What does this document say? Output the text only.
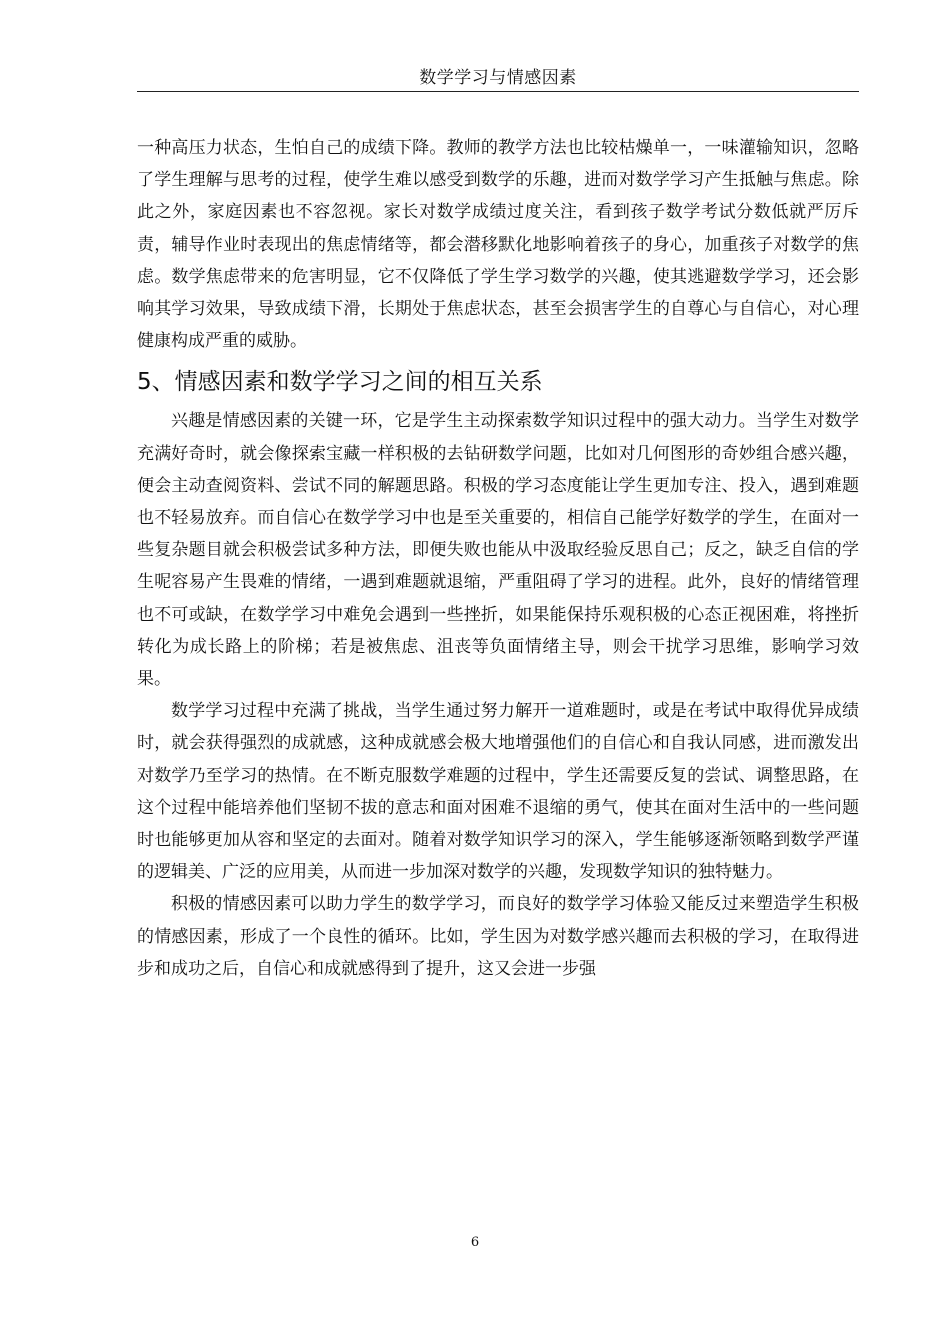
数学学习与情感因素

一种高压力状态，生怕自己的成绩下降。教师的教学方法也比较枯燥单一，一味灌输知识，忽略了学生理解与思考的过程，使学生难以感受到数学的乐趣，进而对数学学习产生抵触与焦虑。除此之外，家庭因素也不容忽视。家长对数学成绩过度关注，看到孩子数学考试分数低就严厉斥责，辅导作业时表现出的焦虑情绪等，都会潜移默化地影响着孩子的身心，加重孩子对数学的焦虑。数学焦虑带来的危害明显，它不仅降低了学生学习数学的兴趣，使其逃避数学学习，还会影响其学习效果，导致成绩下滑，长期处于焦虑状态，甚至会损害学生的自尊心与自信心，对心理健康构成严重的威胁。

5、情感因素和数学学习之间的相互关系

兴趣是情感因素的关键一环，它是学生主动探索数学知识过程中的强大动力。当学生对数学充满好奇时，就会像探索宝藏一样积极的去钻研数学问题，比如对几何图形的奇妙组合感兴趣，便会主动查阅资料、尝试不同的解题思路。积极的学习态度能让学生更加专注、投入，遇到难题也不轻易放弃。而自信心在数学学习中也是至关重要的，相信自己能学好数学的学生，在面对一些复杂题目就会积极尝试多种方法，即便失败也能从中汲取经验反思自己；反之，缺乏自信的学生呢容易产生畏难的情绪，一遇到难题就退缩，严重阻碍了学习的进程。此外，良好的情绪管理也不可或缺，在数学学习中难免会遇到一些挫折，如果能保持乐观积极的心态正视困难，将挫折转化为成长路上的阶梯；若是被焦虑、沮丧等负面情绪主导，则会干扰学习思维，影响学习效果。

数学学习过程中充满了挑战，当学生通过努力解开一道难题时，或是在考试中取得优异成绩时，就会获得强烈的成就感，这种成就感会极大地增强他们的自信心和自我认同感，进而激发出对数学乃至学习的热情。在不断克服数学难题的过程中，学生还需要反复的尝试、调整思路，在这个过程中能培养他们坚韧不拔的意志和面对困难不退缩的勇气，使其在面对生活中的一些问题时也能够更加从容和坚定的去面对。随着对数学知识学习的深入，学生能够逐渐领略到数学严谨的逻辑美、广泛的应用美，从而进一步加深对数学的兴趣，发现数学知识的独特魅力。

积极的情感因素可以助力学生的数学学习，而良好的数学学习体验又能反过来塑造学生积极的情感因素，形成了一个良性的循环。比如，学生因为对数学感兴趣而去积极的学习，在取得进步和成功之后，自信心和成就感得到了提升，这又会进一步强

6
